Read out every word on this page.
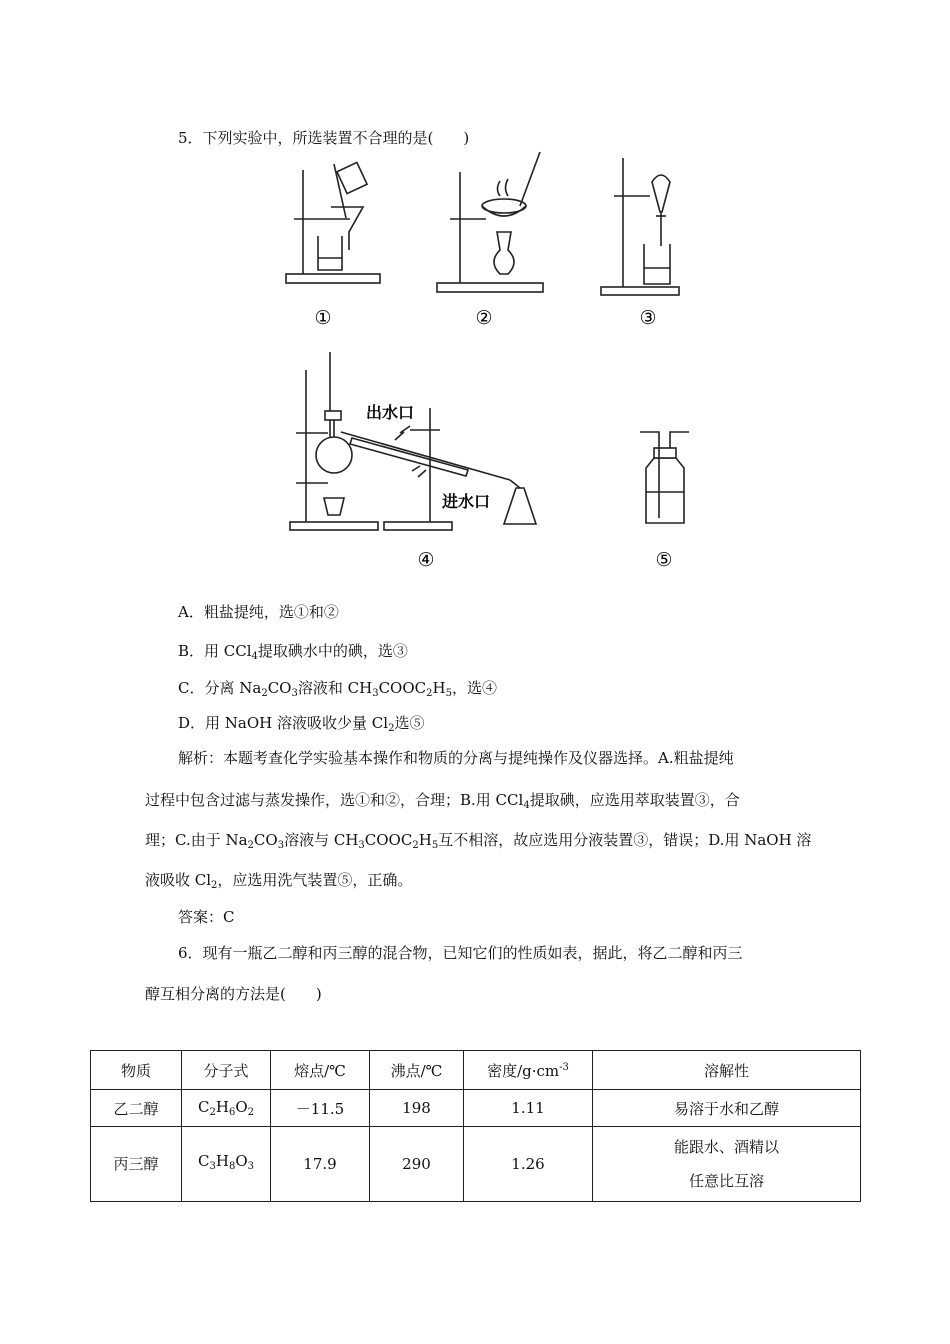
5．下列实验中，所选装置不合理的是(　　)
①	②	③
④	⑤
出水口
进水口
A．粗盐提纯，选①和②
B．用 CCl$_4$提取碘水中的碘，选③
C．分离 $Na_2CO_3$溶液和 $CH_3COOC_2H_5$，选④
D．用 NaOH 溶液吸收少量 $Cl_2$选⑤
解析：本题考查化学实验基本操作和物质的分离与提纯操作及仪器选择。A.粗盐提纯
过程中包含过滤与蒸发操作，选①和②，合理；B.用 CCl$_4$提取碘，应选用萃取装置③，合
理；C.由于 $Na_2CO_3$溶液与 $CH_3COOC_2H_5$互不相溶，故应选用分液装置③，错误；D.用 NaOH 溶
液吸收 $Cl_2$，应选用洗气装置⑤，正确。
答案：C
6．现有一瓶乙二醇和丙三醇的混合物，已知它们的性质如表，据此，将乙二醇和丙三
醇互相分离的方法是(　　)
物质	分子式	熔点/℃	沸点/℃	密度$/g\cdot cm^{-3}$	溶解性
乙二醇	$C_2H_6O_2$	－11.5	198	1.11	易溶于水和乙醇
丙三醇	$C_3H_8O_3$	17.9	290	1.26	能跟水、酒精以
任意比互溶
